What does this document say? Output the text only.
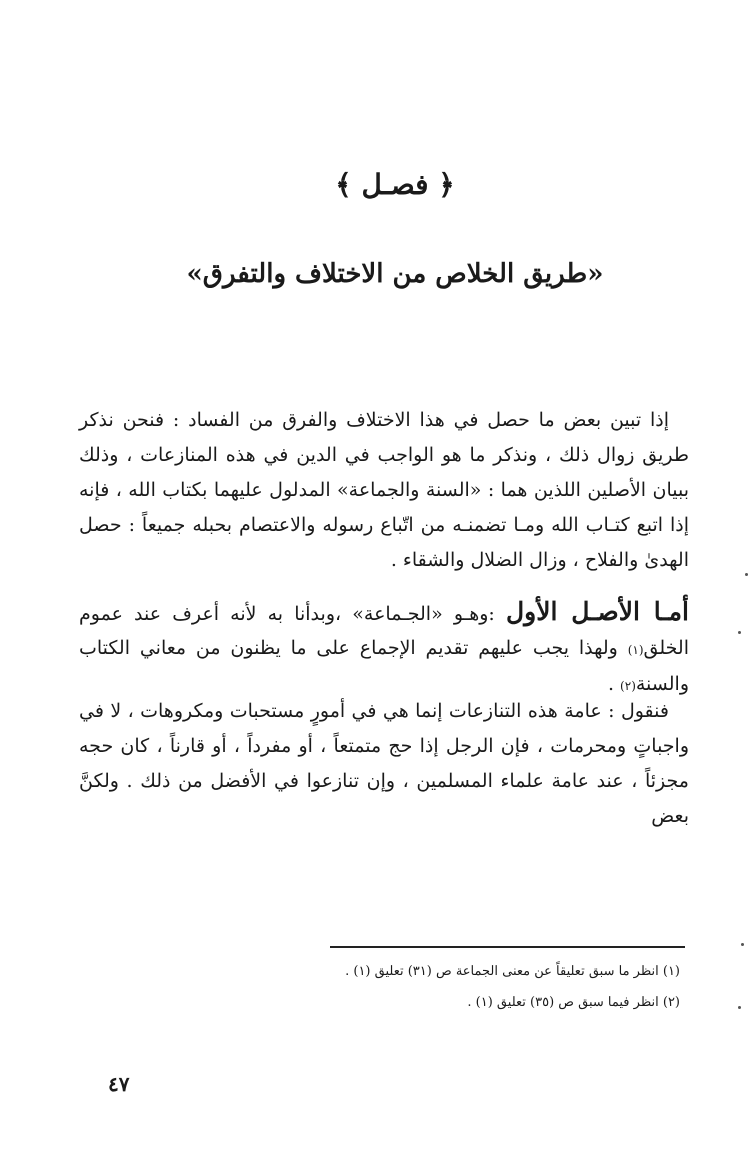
﴿ فصـل ﴾
«طريق الخلاص من الاختلاف والتفرق»

إذا تبين بعض ما حصل في هذا الاختلاف والفرق من الفساد : فنحن نذكر طريق زوال ذلك ، ونذكر ما هو الواجب في الدين في هذه المنازعات ، وذلك ببيان الأصلين اللذين هما : «السنة والجماعة» المدلول عليهما بكتاب الله ، فإنه إذا اتبع كتـاب الله ومـا تضمنـه من اتّباع رسوله والاعتصام بحبله جميعاً : حصل الهدىٰ والفلاح ، وزال الضلال والشقاء .

أمـا الأصـل الأول :وهـو «الجـماعة» ،وبدأنا به لأنه أعرف عند عموم الخلق(١) ولهذا يجب عليهم تقديم الإجماع على ما يظنون من معاني الكتاب والسنة(٢) .

فنقول : عامة هذه التنازعات إنما هي في أمورٍ مستحبات ومكروهات ، لا في واجباتٍ ومحرمات ، فإن الرجل إذا حج متمتعاً ، أو مفرداً ، أو قارناً ، كان حجه مجزئاً ، عند عامة علماء المسلمين ، وإن تنازعوا في الأفضل من ذلك . ولكنَّ بعض

(١) انظر ما سبق تعليقاً عن معنى الجماعة ص (٣١) تعليق (١) .
(٢) انظر فيما سبق ص (٣٥) تعليق (١) .
٤٧
